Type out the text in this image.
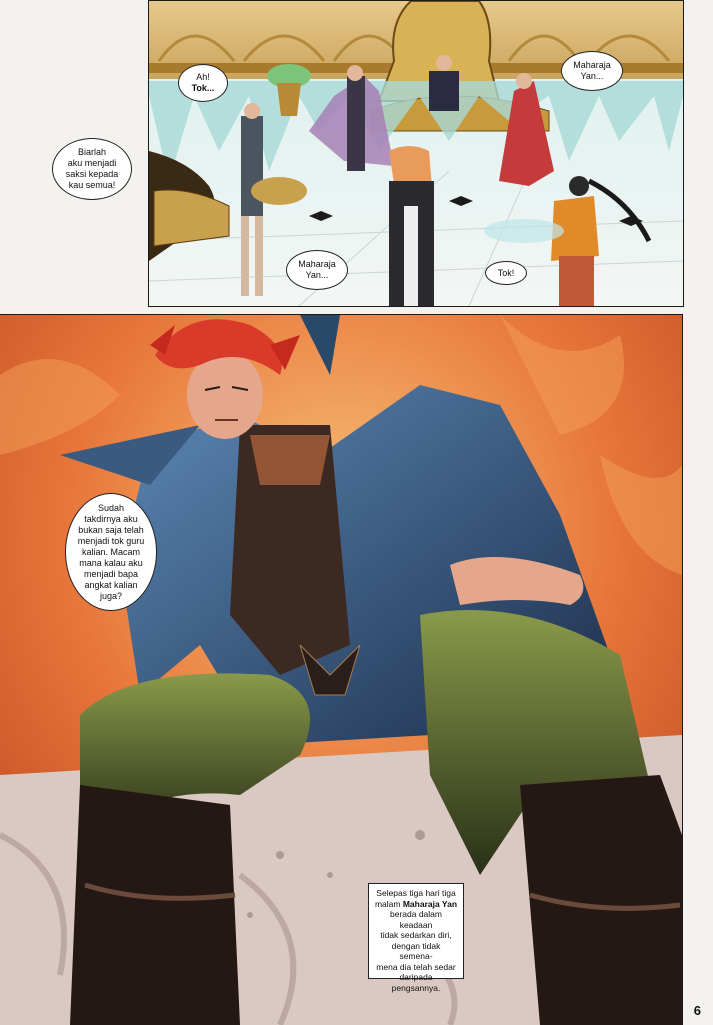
Ah!
Tok...
Maharaja
Yan...
Maharaja
Yan...	Tok!
Biarlah
aku menjadi
saksi kepada
kau semua!
Sudah
takdirnya aku
bukan saja telah
menjadi tok guru
kalian. Macam
mana kalau aku
menjadi bapa
angkat kalian
juga?
Selepas tiga hari tiga
malam Maharaja Yan
berada dalam keadaan
tidak sedarkan diri,
dengan tidak semena-
mena dia telah sedar
daripada pengsannya.
6
